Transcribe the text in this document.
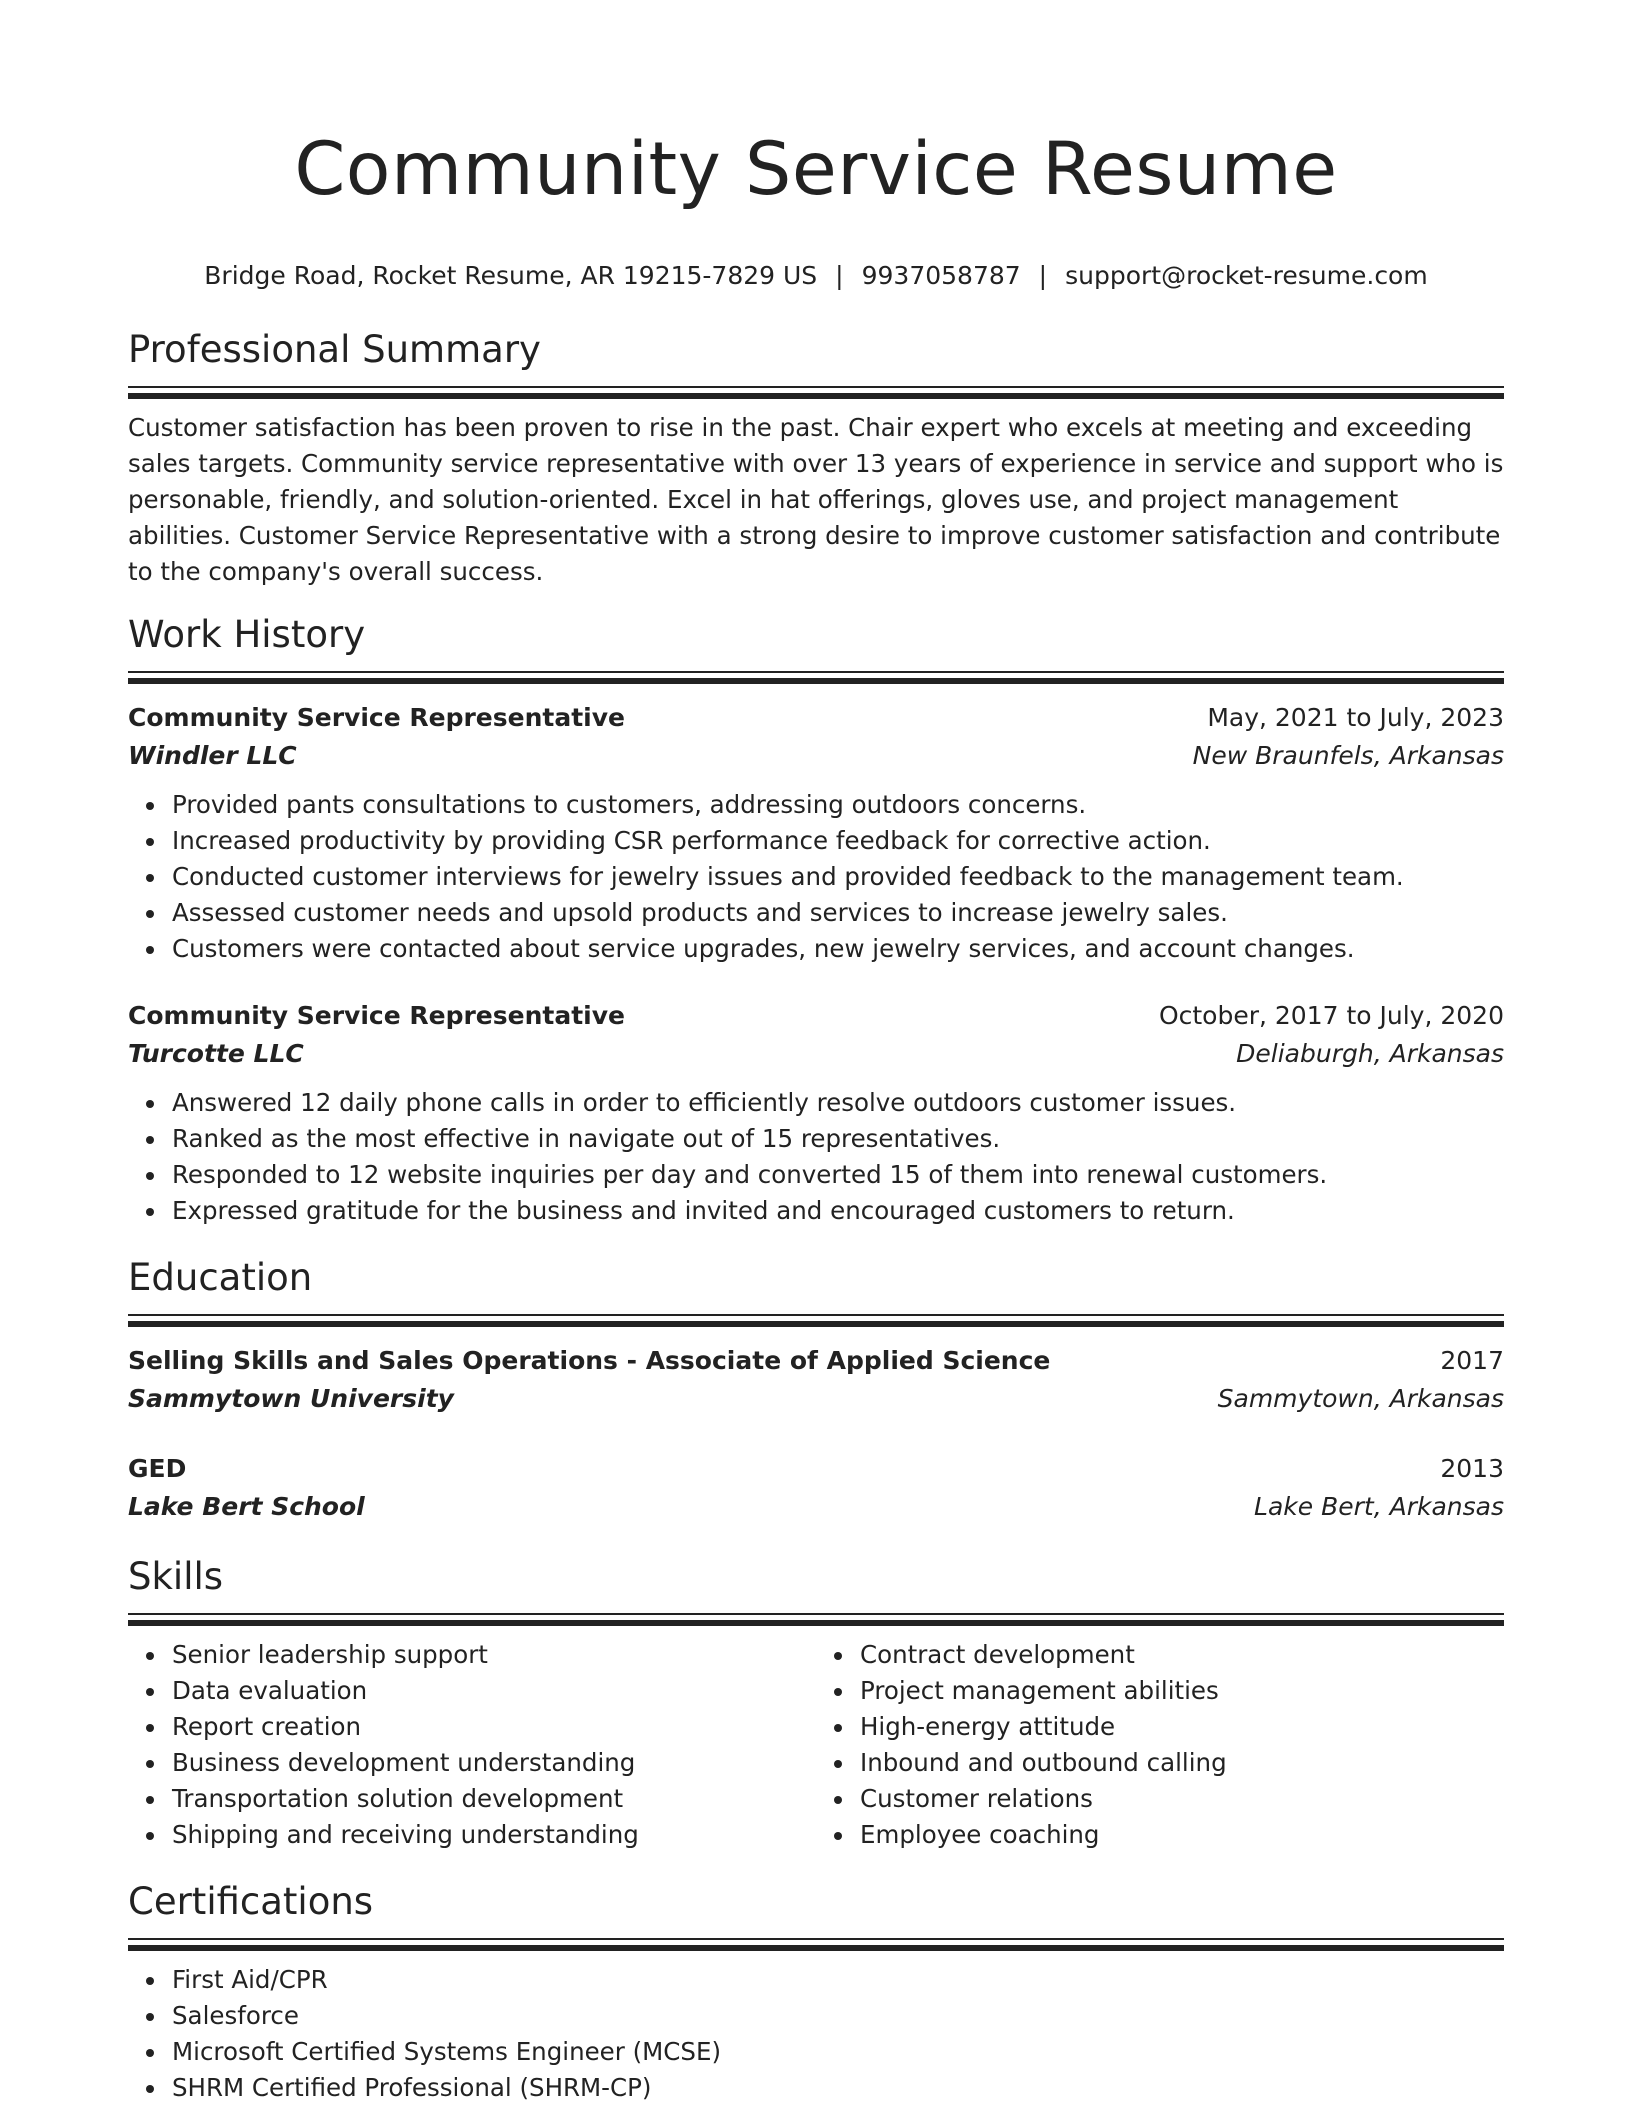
Community Service Resume
Bridge Road, Rocket Resume, AR 19215-7829 US | 9937058787 | support@rocket-resume.com
Professional Summary
Customer satisfaction has been proven to rise in the past. Chair expert who excels at meeting and exceeding sales targets. Community service representative with over 13 years of experience in service and support who is personable, friendly, and solution-oriented. Excel in hat offerings, gloves use, and project management abilities. Customer Service Representative with a strong desire to improve customer satisfaction and contribute to the company's overall success.
Work History
Community Service Representative	May, 2021 to July, 2023
Windler LLC	New Braunfels, Arkansas
Provided pants consultations to customers, addressing outdoors concerns.
Increased productivity by providing CSR performance feedback for corrective action.
Conducted customer interviews for jewelry issues and provided feedback to the management team.
Assessed customer needs and upsold products and services to increase jewelry sales.
Customers were contacted about service upgrades, new jewelry services, and account changes.
Community Service Representative	October, 2017 to July, 2020
Turcotte LLC	Deliaburgh, Arkansas
Answered 12 daily phone calls in order to efficiently resolve outdoors customer issues.
Ranked as the most effective in navigate out of 15 representatives.
Responded to 12 website inquiries per day and converted 15 of them into renewal customers.
Expressed gratitude for the business and invited and encouraged customers to return.
Education
Selling Skills and Sales Operations - Associate of Applied Science	2017
Sammytown University	Sammytown, Arkansas
GED	2013
Lake Bert School	Lake Bert, Arkansas
Skills
Senior leadership support
Data evaluation
Report creation
Business development understanding
Transportation solution development
Shipping and receiving understanding
Contract development
Project management abilities
High-energy attitude
Inbound and outbound calling
Customer relations
Employee coaching
Certifications
First Aid/CPR
Salesforce
Microsoft Certified Systems Engineer (MCSE)
SHRM Certified Professional (SHRM-CP)
